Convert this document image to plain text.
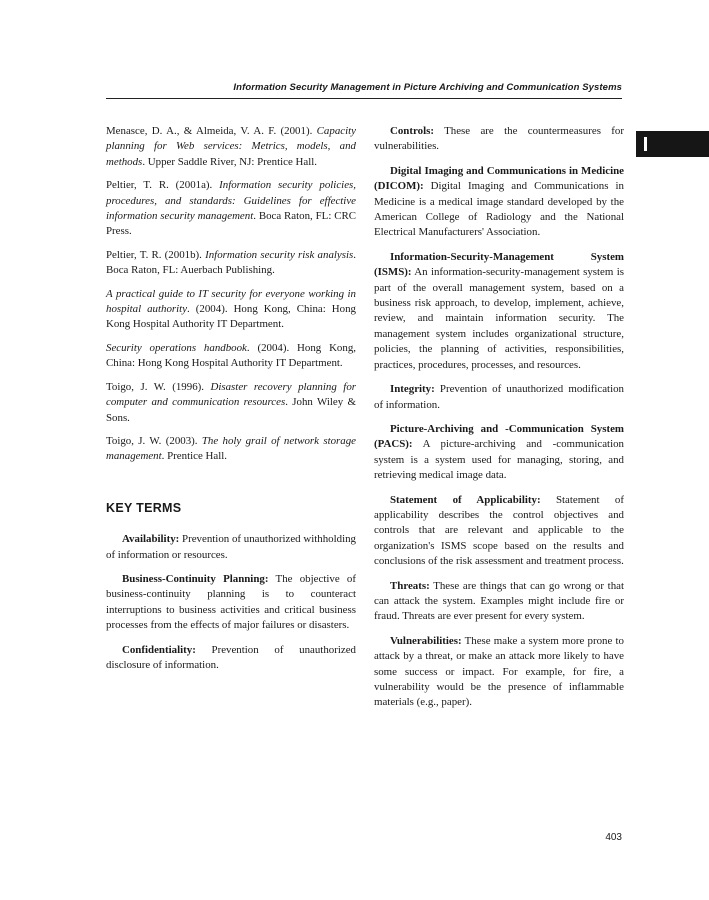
Information Security Management in Picture Archiving and Communication Systems

Menasce, D. A., & Almeida, V. A. F. (2001). Capacity planning for Web services: Metrics, models, and methods. Upper Saddle River, NJ: Prentice Hall.

Peltier, T. R. (2001a). Information security policies, procedures, and standards: Guidelines for effective information security management. Boca Raton, FL: CRC Press.

Peltier, T. R. (2001b). Information security risk analysis. Boca Raton, FL: Auerbach Publishing.

A practical guide to IT security for everyone working in hospital authority. (2004). Hong Kong, China: Hong Kong Hospital Authority IT Department.

Security operations handbook. (2004). Hong Kong, China: Hong Kong Hospital Authority IT Department.

Toigo, J. W. (1996). Disaster recovery planning for computer and communication resources. John Wiley & Sons.

Toigo, J. W. (2003). The holy grail of network storage management. Prentice Hall.

KEY TERMS

Availability: Prevention of unauthorized withholding of information or resources.

Business-Continuity Planning: The objective of business-continuity planning is to counteract interruptions to business activities and critical business processes from the effects of major failures or disasters.

Confidentiality: Prevention of unauthorized disclosure of information.

Controls: These are the countermeasures for vulnerabilities.

Digital Imaging and Communications in Medicine (DICOM): Digital Imaging and Communications in Medicine is a medical image standard developed by the American College of Radiology and the National Electrical Manufacturers' Association.

Information-Security-Management System (ISMS): An information-security-management system is part of the overall management system, based on a business risk approach, to develop, implement, achieve, review, and maintain information security. The management system includes organizational structure, policies, the planning of activities, responsibilities, practices, procedures, processes, and resources.

Integrity: Prevention of unauthorized modification of information.

Picture-Archiving and -Communication System (PACS): A picture-archiving and -communication system is a system used for managing, storing, and retrieving medical image data.

Statement of Applicability: Statement of applicability describes the control objectives and controls that are relevant and applicable to the organization's ISMS scope based on the results and conclusions of the risk assessment and treatment process.

Threats: These are things that can go wrong or that can attack the system. Examples might include fire or fraud. Threats are ever present for every system.

Vulnerabilities: These make a system more prone to attack by a threat, or make an attack more likely to have some success or impact. For example, for fire, a vulnerability would be the presence of inflammable materials (e.g., paper).

403
